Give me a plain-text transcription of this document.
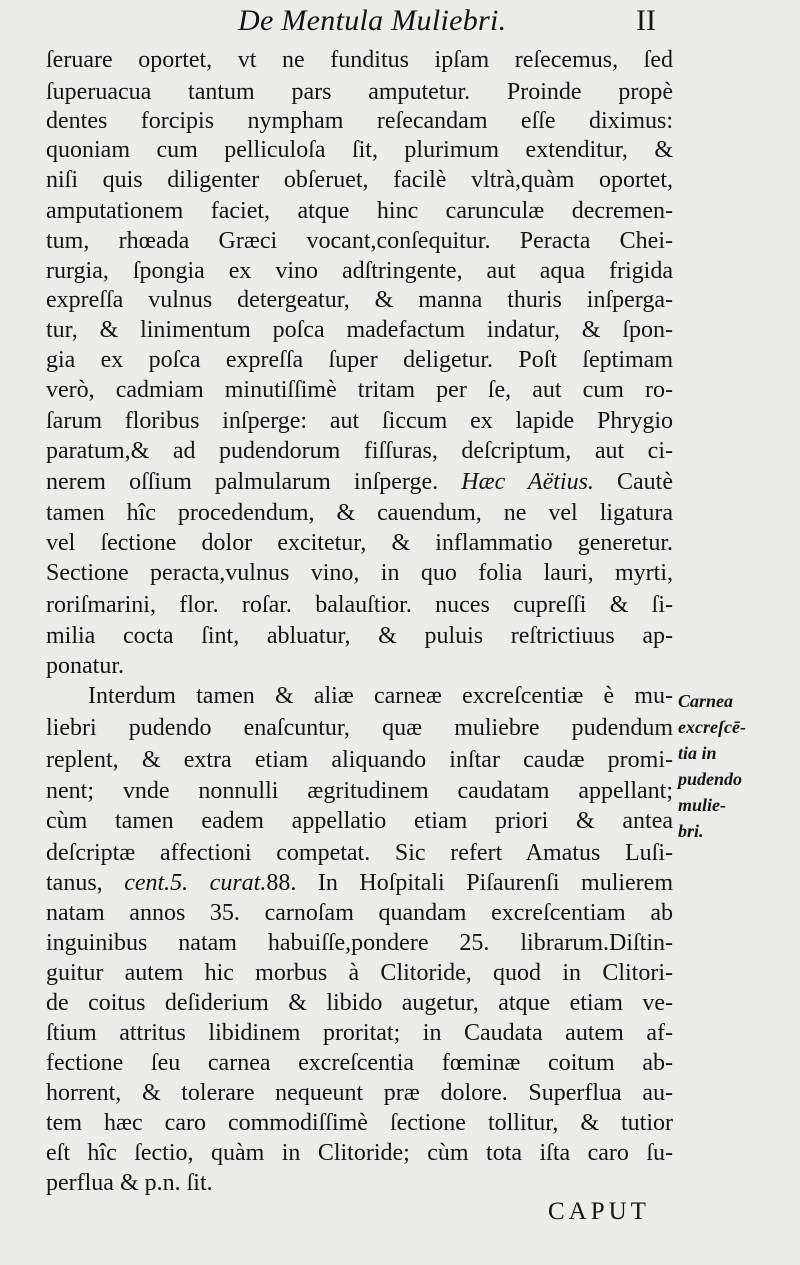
De Mentula Muliebri.	II
ſeruare oportet, vt ne funditus ipſam reſecemus, ſed
ſuperuacua tantum pars amputetur. Proinde propè
dentes forcipis nympham reſecandam eſſe diximus:
quoniam cum pelliculoſa ſit, plurimum extenditur, &
niſi quis diligenter obſeruet, facilè vltrà,quàm oportet,
amputationem faciet, atque hinc carunculæ decremen-
tum, rhœada Græci vocant,conſequitur. Peracta Chei-
rurgia, ſpongia ex vino adſtringente, aut aqua frigida
expreſſa vulnus detergeatur, & manna thuris inſperga-
tur, & linimentum poſca madefactum indatur, & ſpon-
gia ex poſca expreſſa ſuper deligetur. Poſt ſeptimam
verò, cadmiam minutiſſimè tritam per ſe, aut cum ro-
ſarum floribus inſperge: aut ſiccum ex lapide Phrygio
paratum,& ad pudendorum fiſſuras, deſcriptum, aut ci-
nerem oſſium palmularum inſperge. Hæc Aëtius. Cautè
tamen hîc procedendum, & cauendum, ne vel ligatura
vel ſectione dolor excitetur, & inflammatio generetur.
Sectione peracta,vulnus vino, in quo folia lauri, myrti,
roriſmarini, flor. roſar. balauſtior. nuces cupreſſi & ſi-
milia cocta ſint, abluatur, & puluis reſtrictiuus ap-
ponatur.
Interdum tamen & aliæ carneæ excreſcentiæ è mu-
liebri pudendo enaſcuntur, quæ muliebre pudendum
replent, & extra etiam aliquando inſtar caudæ promi-
nent; vnde nonnulli ægritudinem caudatam appellant;
cùm tamen eadem appellatio etiam priori & antea
deſcriptæ affectioni competat. Sic refert Amatus Luſi-
tanus, cent.5. curat.88. In Hoſpitali Piſaurenſi mulierem
natam annos 35. carnoſam quandam excreſcentiam ab
inguinibus natam habuiſſe,pondere 25. librarum.Diſtin-
guitur autem hic morbus à Clitoride, quod in Clitori-
de coitus deſiderium & libido augetur, atque etiam ve-
ſtium attritus libidinem proritat; in Caudata autem af-
fectione ſeu carnea excreſcentia fœminæ coitum ab-
horrent, & tolerare nequeunt præ dolore. Superflua au-
tem hæc caro commodiſſimè ſectione tollitur, & tutior
eſt hîc ſectio, quàm in Clitoride; cùm tota iſta caro ſu-
perflua & p.n. ſit.
Carnea
excreſcē-
tia in
pudendo
mulie-
bri.
CAPUT
